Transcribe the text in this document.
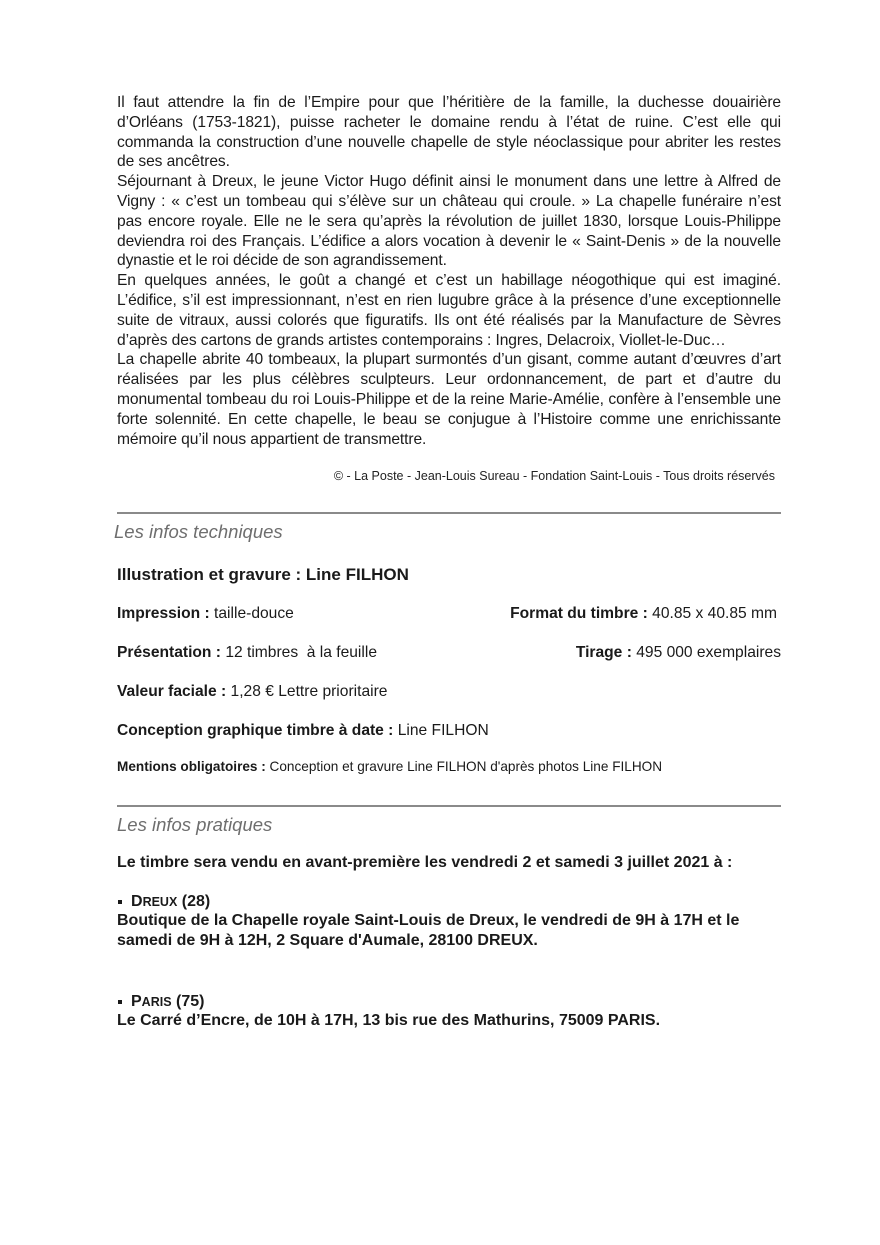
Il faut attendre la fin de l’Empire pour que l’héritière de la famille, la duchesse douairière d’Orléans (1753-1821), puisse racheter le domaine rendu à l’état de ruine. C’est elle qui commanda la construction d’une nouvelle chapelle de style néoclassique pour abriter les restes de ses ancêtres.

Séjournant à Dreux, le jeune Victor Hugo définit ainsi le monument dans une lettre à Alfred de Vigny : « c’est un tombeau qui s’élève sur un château qui croule. » La chapelle funéraire n’est pas encore royale. Elle ne le sera qu’après la révolution de juillet 1830, lorsque Louis-Philippe deviendra roi des Français. L’édifice a alors vocation à devenir le « Saint-Denis » de la nouvelle dynastie et le roi décide de son agrandissement.

En quelques années, le goût a changé et c’est un habillage néogothique qui est imaginé. L’édifice, s’il est impressionnant, n’est en rien lugubre grâce à la présence d’une exceptionnelle suite de vitraux, aussi colorés que figuratifs. Ils ont été réalisés par la Manufacture de Sèvres d’après des cartons de grands artistes contemporains : Ingres, Delacroix, Viollet-le-Duc…

La chapelle abrite 40 tombeaux, la plupart surmontés d’un gisant, comme autant d’œuvres d’art réalisées par les plus célèbres sculpteurs. Leur ordonnancement, de part et d’autre du monumental tombeau du roi Louis-Philippe et de la reine Marie-Amélie, confère à l’ensemble une forte solennité. En cette chapelle, le beau se conjugue à l’Histoire comme une enrichissante mémoire qu’il nous appartient de transmettre.

© - La Poste - Jean-Louis Sureau - Fondation Saint-Louis - Tous droits réservés
Les infos techniques
Illustration et gravure : Line FILHON
Impression : taille-douce	Format du timbre : 40.85 x 40.85 mm
Présentation : 12 timbres  à la feuille	Tirage : 495 000 exemplaires
Valeur faciale : 1,28 € Lettre prioritaire
Conception graphique timbre à date : Line FILHON
Mentions obligatoires : Conception et gravure Line FILHON d'après photos Line FILHON
Les infos pratiques
Le timbre sera vendu en avant-première les vendredi 2 et samedi 3 juillet 2021 à :
DREUX (28)
Boutique de la Chapelle royale Saint-Louis de Dreux, le vendredi de 9H à 17H et le samedi de 9H à 12H, 2 Square d'Aumale, 28100 DREUX.
PARIS (75)
Le Carré d’Encre, de 10H à 17H, 13 bis rue des Mathurins, 75009 PARIS.
